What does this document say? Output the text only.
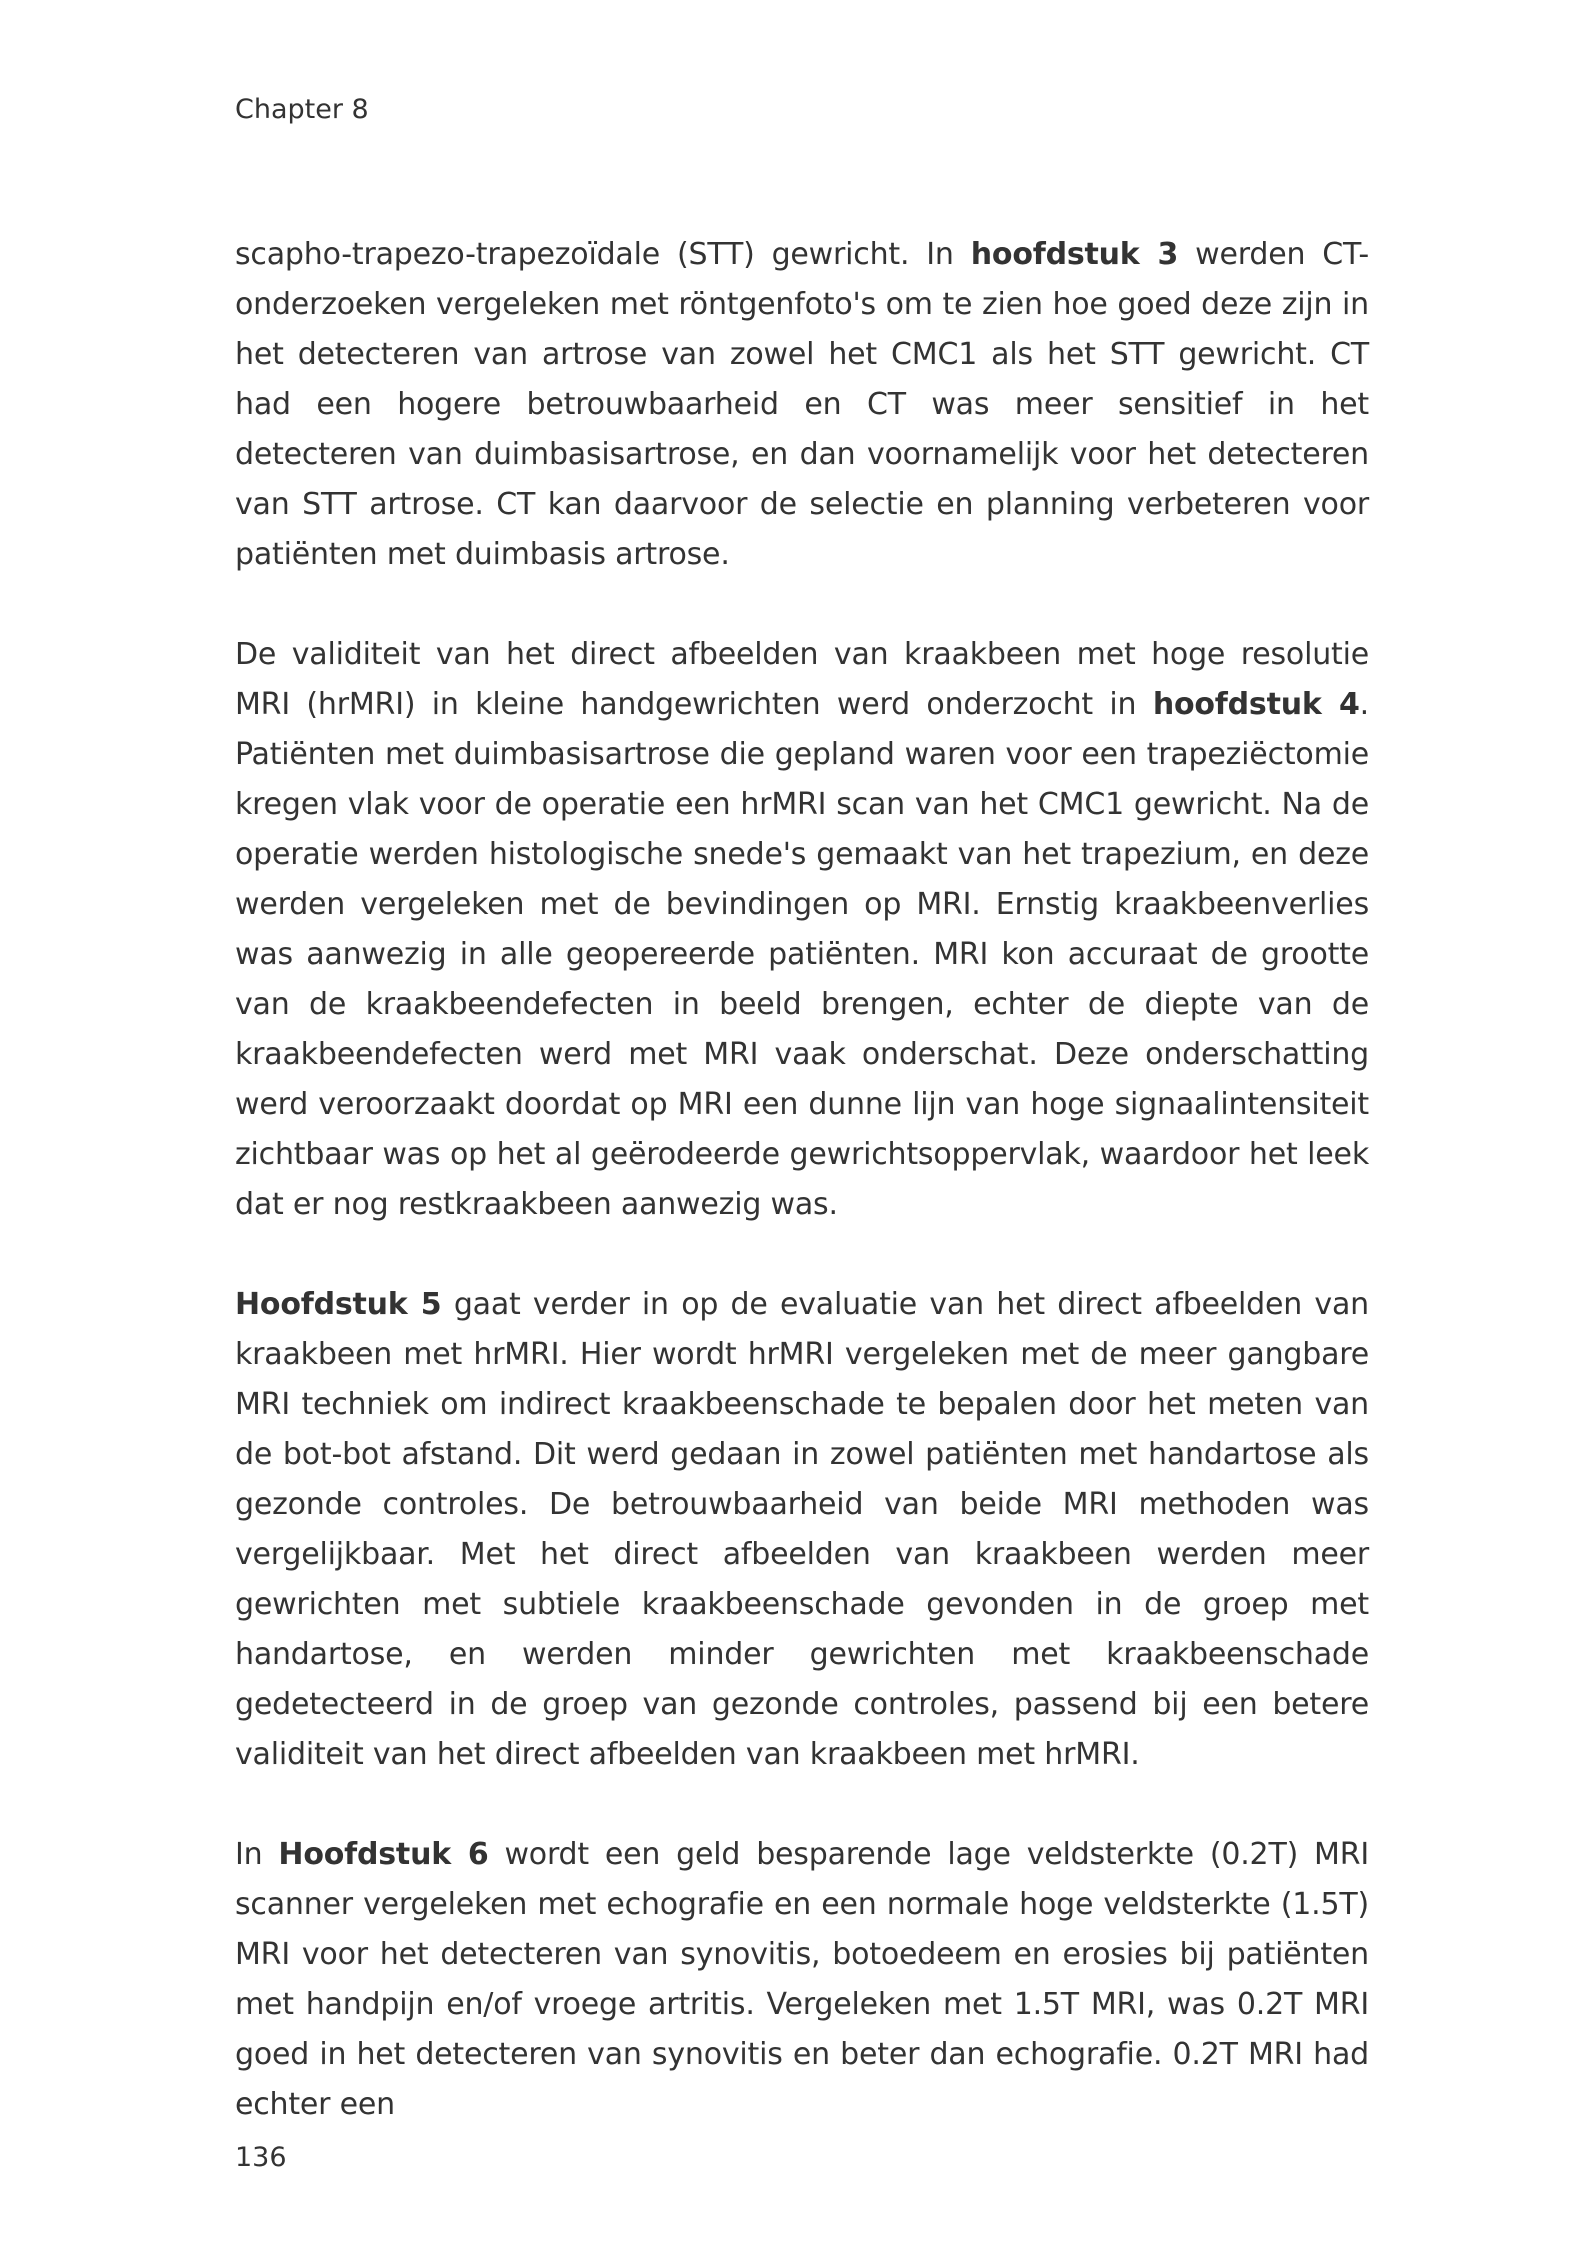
Chapter 8

scapho-trapezo-trapezoïdale (STT) gewricht. In hoofdstuk 3 werden CT-onderzoeken vergeleken met röntgenfoto's om te zien hoe goed deze zijn in het detecteren van artrose van zowel het CMC1 als het STT gewricht. CT had een hogere betrouwbaarheid en CT was meer sensitief in het detecteren van duimbasisartrose, en dan voornamelijk voor het detecteren van STT artrose. CT kan daarvoor de selectie en planning verbeteren voor patiënten met duimbasis artrose.

De validiteit van het direct afbeelden van kraakbeen met hoge resolutie MRI (hrMRI) in kleine handgewrichten werd onderzocht in hoofdstuk 4. Patiënten met duimbasisartrose die gepland waren voor een trapeziëctomie kregen vlak voor de operatie een hrMRI scan van het CMC1 gewricht. Na de operatie werden histologische snede's gemaakt van het trapezium, en deze werden vergeleken met de bevindingen op MRI. Ernstig kraakbeenverlies was aanwezig in alle geopereerde patiënten. MRI kon accuraat de grootte van de kraakbeendefecten in beeld brengen, echter de diepte van de kraakbeendefecten werd met MRI vaak onderschat. Deze onderschatting werd veroorzaakt doordat op MRI een dunne lijn van hoge signaalintensiteit zichtbaar was op het al geërodeerde gewrichtsoppervlak, waardoor het leek dat er nog restkraakbeen aanwezig was.

Hoofdstuk 5 gaat verder in op de evaluatie van het direct afbeelden van kraakbeen met hrMRI. Hier wordt hrMRI vergeleken met de meer gangbare MRI techniek om indirect kraakbeenschade te bepalen door het meten van de bot-bot afstand. Dit werd gedaan in zowel patiënten met handartose als gezonde controles. De betrouwbaarheid van beide MRI methoden was vergelijkbaar. Met het direct afbeelden van kraakbeen werden meer gewrichten met subtiele kraakbeenschade gevonden in de groep met handartose, en werden minder gewrichten met kraakbeenschade gedetecteerd in de groep van gezonde controles, passend bij een betere validiteit van het direct afbeelden van kraakbeen met hrMRI.

In Hoofdstuk 6 wordt een geld besparende lage veldsterkte (0.2T) MRI scanner vergeleken met echografie en een normale hoge veldsterkte (1.5T) MRI voor het detecteren van synovitis, botoedeem en erosies bij patiënten met handpijn en/of vroege artritis. Vergeleken met 1.5T MRI, was 0.2T MRI goed in het detecteren van synovitis en beter dan echografie. 0.2T MRI had echter een

136
